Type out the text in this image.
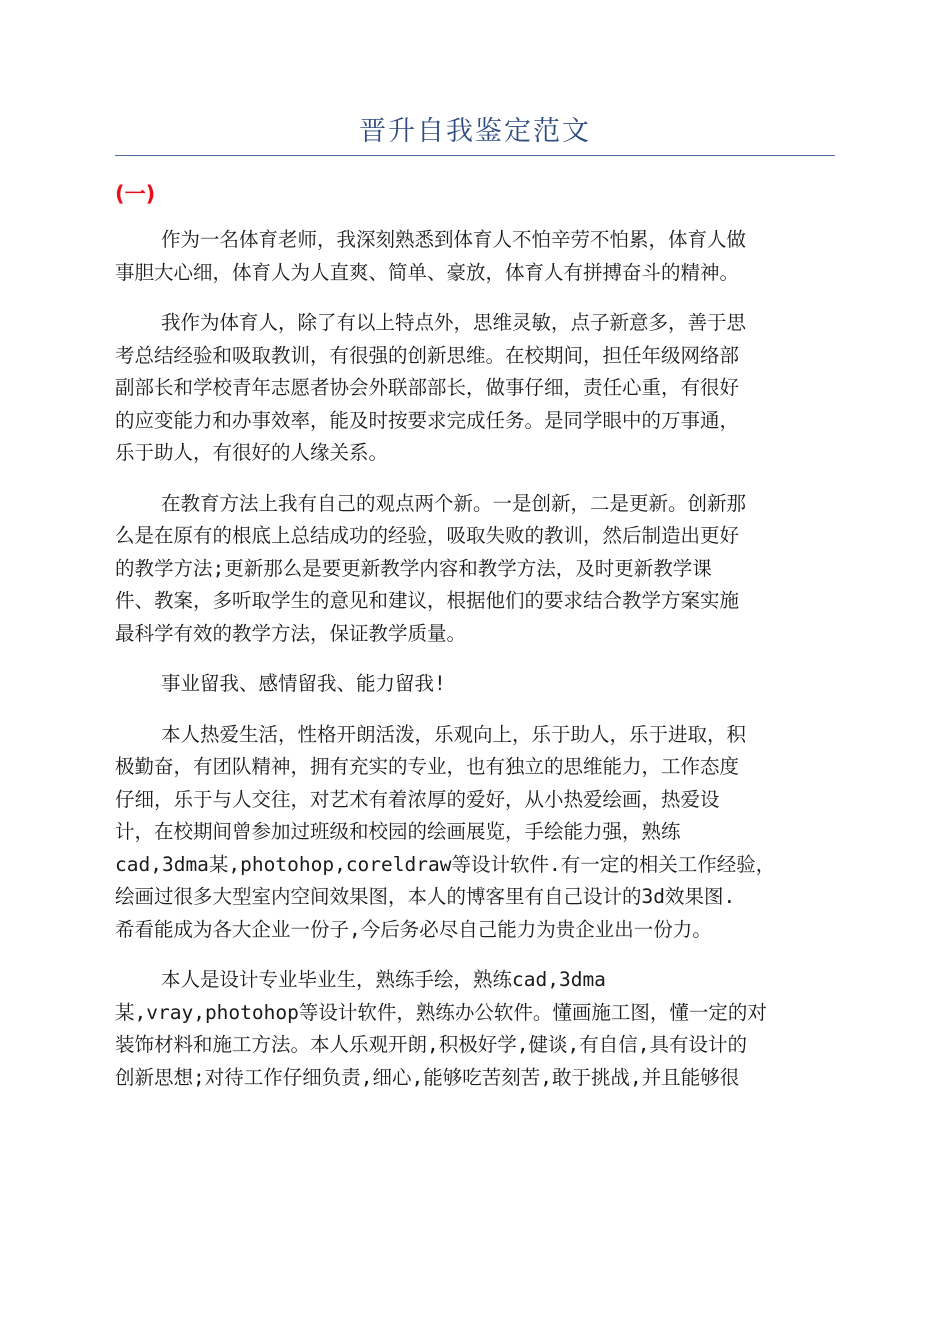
晋升自我鉴定范文
(一)
作为一名体育老师，我深刻熟悉到体育人不怕辛劳不怕累，体育人做
事胆大心细，体育人为人直爽、简单、豪放，体育人有拼搏奋斗的精神。
我作为体育人，除了有以上特点外，思维灵敏，点子新意多，善于思
考总结经验和吸取教训，有很强的创新思维。在校期间，担任年级网络部
副部长和学校青年志愿者协会外联部部长，做事仔细，责任心重，有很好
的应变能力和办事效率，能及时按要求完成任务。是同学眼中的万事通，
乐于助人，有很好的人缘关系。
在教育方法上我有自己的观点两个新。一是创新，二是更新。创新那
么是在原有的根底上总结成功的经验，吸取失败的教训，然后制造出更好
的教学方法;更新那么是要更新教学内容和教学方法，及时更新教学课
件、教案，多听取学生的意见和建议，根据他们的要求结合教学方案实施
最科学有效的教学方法，保证教学质量。
事业留我、感情留我、能力留我!
本人热爱生活，性格开朗活泼，乐观向上，乐于助人，乐于进取，积
极勤奋，有团队精神，拥有充实的专业，也有独立的思维能力，工作态度
仔细，乐于与人交往，对艺术有着浓厚的爱好，从小热爱绘画，热爱设
计，在校期间曾参加过班级和校园的绘画展览，手绘能力强，熟练
cad,3dma某,photohop,coreldraw等设计软件.有一定的相关工作经验，
绘画过很多大型室内空间效果图，本人的博客里有自己设计的3d效果图.
希看能成为各大企业一份子,今后务必尽自己能力为贵企业出一份力。
本人是设计专业毕业生，熟练手绘，熟练cad,3dma
某,vray,photohop等设计软件，熟练办公软件。懂画施工图，懂一定的对
装饰材料和施工方法。本人乐观开朗,积极好学,健谈,有自信,具有设计的
创新思想;对待工作仔细负责,细心,能够吃苦刻苦,敢于挑战,并且能够很
